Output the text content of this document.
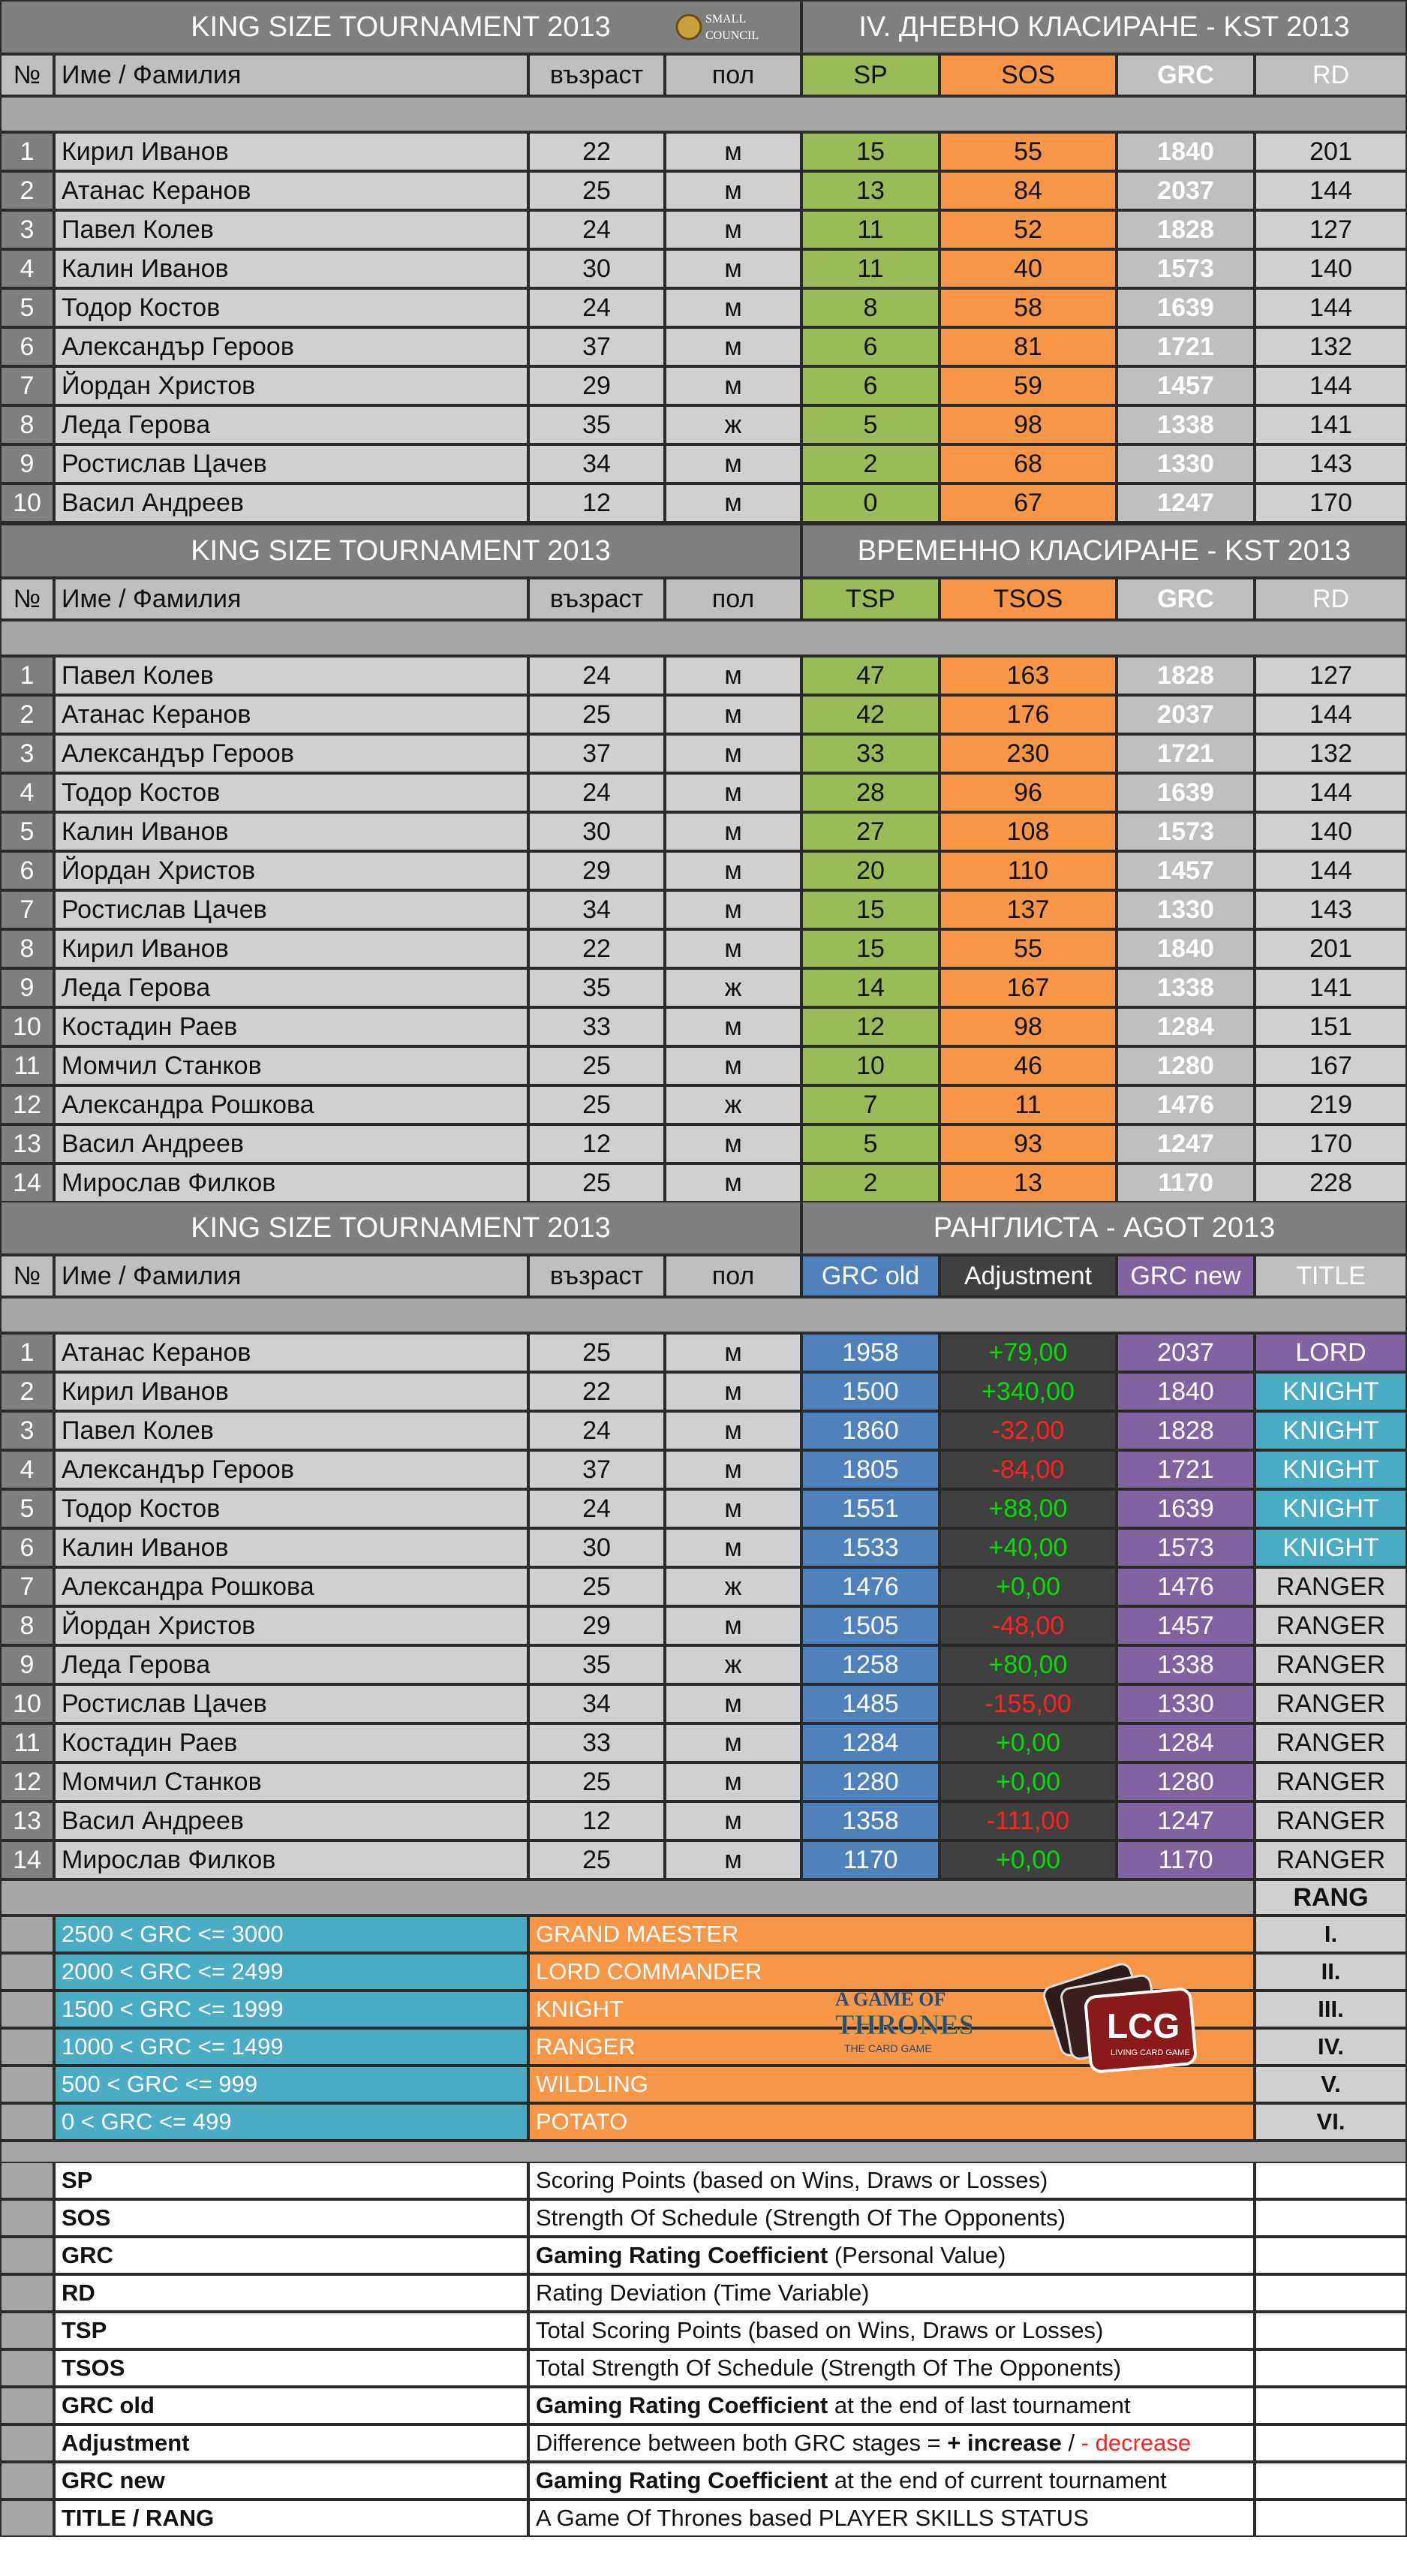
KING SIZE TOURNAMENT 2013	IV. ДНЕВНО КЛАСИРАНЕ - KST 2013
№ Име / Фамилия	възраст	пол	SP	SOS	GRC	RD
1	Кирил Иванов	22	м	15	55	1840	201
2	Атанас Керанов	25	м	13	84	2037	144
3	Павел Колев	24	м	11	52	1828	127
4	Калин Иванов	30	м	11	40	1573	140
5	Тодор Костов	24	м	8	58	1639	144
6	Александър Героов	37	м	6	81	1721	132
7	Йордан Христов	29	м	6	59	1457	144
8	Леда Герова	35	ж	5	98	1338	141
9	Ростислав Цачев	34	м	2	68	1330	143
10 Васил Андреев	12	м	0	67	1247	170
KING SIZE TOURNAMENT 2013	ВРЕМЕННО КЛАСИРАНЕ - KST 2013
№ Име / Фамилия	възраст	пол	TSP	TSOS	GRC	RD
1	Павел Колев	24	м	47	163	1828	127
2	Атанас Керанов	25	м	42	176	2037	144
3	Александър Героов	37	м	33	230	1721	132
4	Тодор Костов	24	м	28	96	1639	144
5	Калин Иванов	30	м	27	108	1573	140
6	Йордан Христов	29	м	20	110	1457	144
7	Ростислав Цачев	34	м	15	137	1330	143
8	Кирил Иванов	22	м	15	55	1840	201
9	Леда Герова	35	ж	14	167	1338	141
10 Костадин Раев	33	м	12	98	1284	151
11 Момчил Станков	25	м	10	46	1280	167
12 Александра Рошкова	25	ж	7	11	1476	219
13 Васил Андреев	12	м	5	93	1247	170
14 Мирослав Филков	25	м	2	13	1170	228
KING SIZE TOURNAMENT 2013	РАНГЛИСТА - AGOT 2013
№ Име / Фамилия	възраст	пол	GRC old	Adjustment	GRC new	TITLE
1	Атанас Керанов	25	м	1958	+79,00	2037	LORD
2	Кирил Иванов	22	м	1500	+340,00	1840	KNIGHT
3	Павел Колев	24	м	1860	-32,00	1828	KNIGHT
4	Александър Героов	37	м	1805	-84,00	1721	KNIGHT
5	Тодор Костов	24	м	1551	+88,00	1639	KNIGHT
6	Калин Иванов	30	м	1533	+40,00	1573	KNIGHT
7	Александра Рошкова	25	ж	1476	+0,00	1476	RANGER
8	Йордан Христов	29	м	1505	-48,00	1457	RANGER
9	Леда Герова	35	ж	1258	+80,00	1338	RANGER
10 Ростислав Цачев	34	м	1485	-155,00	1330	RANGER
11 Костадин Раев	33	м	1284	+0,00	1284	RANGER
12 Момчил Станков	25	м	1280	+0,00	1280	RANGER
13 Васил Андреев	12	м	1358	-111,00	1247	RANGER
14 Мирослав Филков	25	м	1170	+0,00	1170	RANGER
RANG
2500 < GRC <= 3000	GRAND MAESTER	I.
2000 < GRC <= 2499	LORD COMMANDER	II.
1500 < GRC <= 1999	KNIGHT	III.
1000 < GRC <= 1499	RANGER	IV.
500 < GRC <= 999	WILDLING	V.
0 < GRC <= 499	POTATO	VI.
SP	Scoring Points (based on Wins, Draws or Losses)
SOS	Strength Of Schedule (Strength Of The Opponents)
GRC	Gaming Rating Coefficient (Personal Value)
RD	Rating Deviation (Time Variable)
TSP	Total Scoring Points (based on Wins, Draws or Losses)
TSOS	Total Strength Of Schedule (Strength Of The Opponents)
GRC old	Gaming Rating Coefficient at the end of last tournament
Adjustment	Difference between both GRC stages = + increase / - decrease
GRC new	Gaming Rating Coefficient at the end of current tournament
TITLE / RANG	A Game Of Thrones based PLAYER SKILLS STATUS
SMALL
COUNCIL
A GAME OF
THRONES
THE CARD GAME
LCG
LIVING CARD GAME
